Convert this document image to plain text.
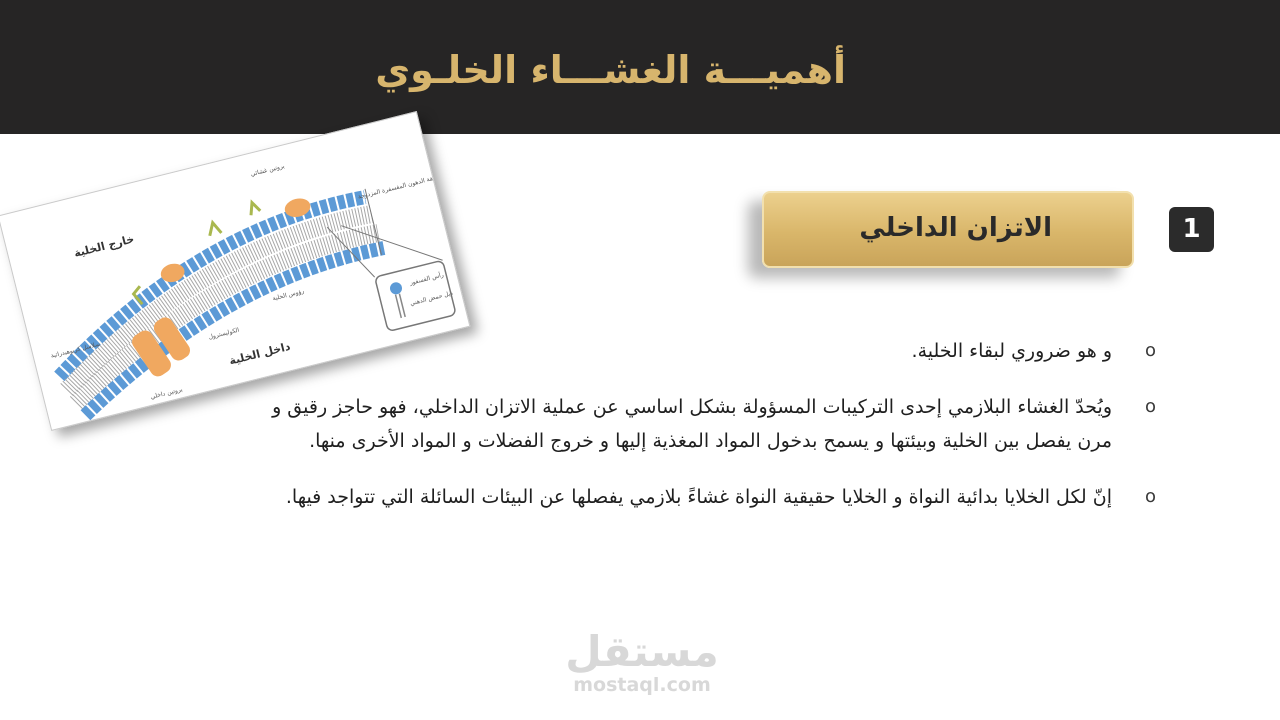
أهميـــة الغشـــاء الخلـوي
خارج الخلية
داخل الخلية
بروتين غشائي
طبقة الدهون المفسفرة المزدوجة
رأس الفسفور
ذيل حمض الدهني
سلاسل كربوهيدراتية
بروتين داخلي
رؤوس الخلية
الكوليسترول
الاتزان الداخلي	1
o
و هو ضروري لبقاء الخلية.
o
ويُحدّ الغشاء البلازمي إحدى التركيبات المسؤولة بشكل اساسي عن عملية الاتزان الداخلي، فهو حاجز رقيق و مرن يفصل بين الخلية وبيئتها و يسمح بدخول المواد المغذية إليها و خروج الفضلات و المواد الأخرى منها.
o
إنّ لكل الخلايا بدائية النواة و الخلايا حقيقية النواة غشاءً بلازمي يفصلها عن البيئات السائلة التي تتواجد فيها.
مستقل
mostaql.com
